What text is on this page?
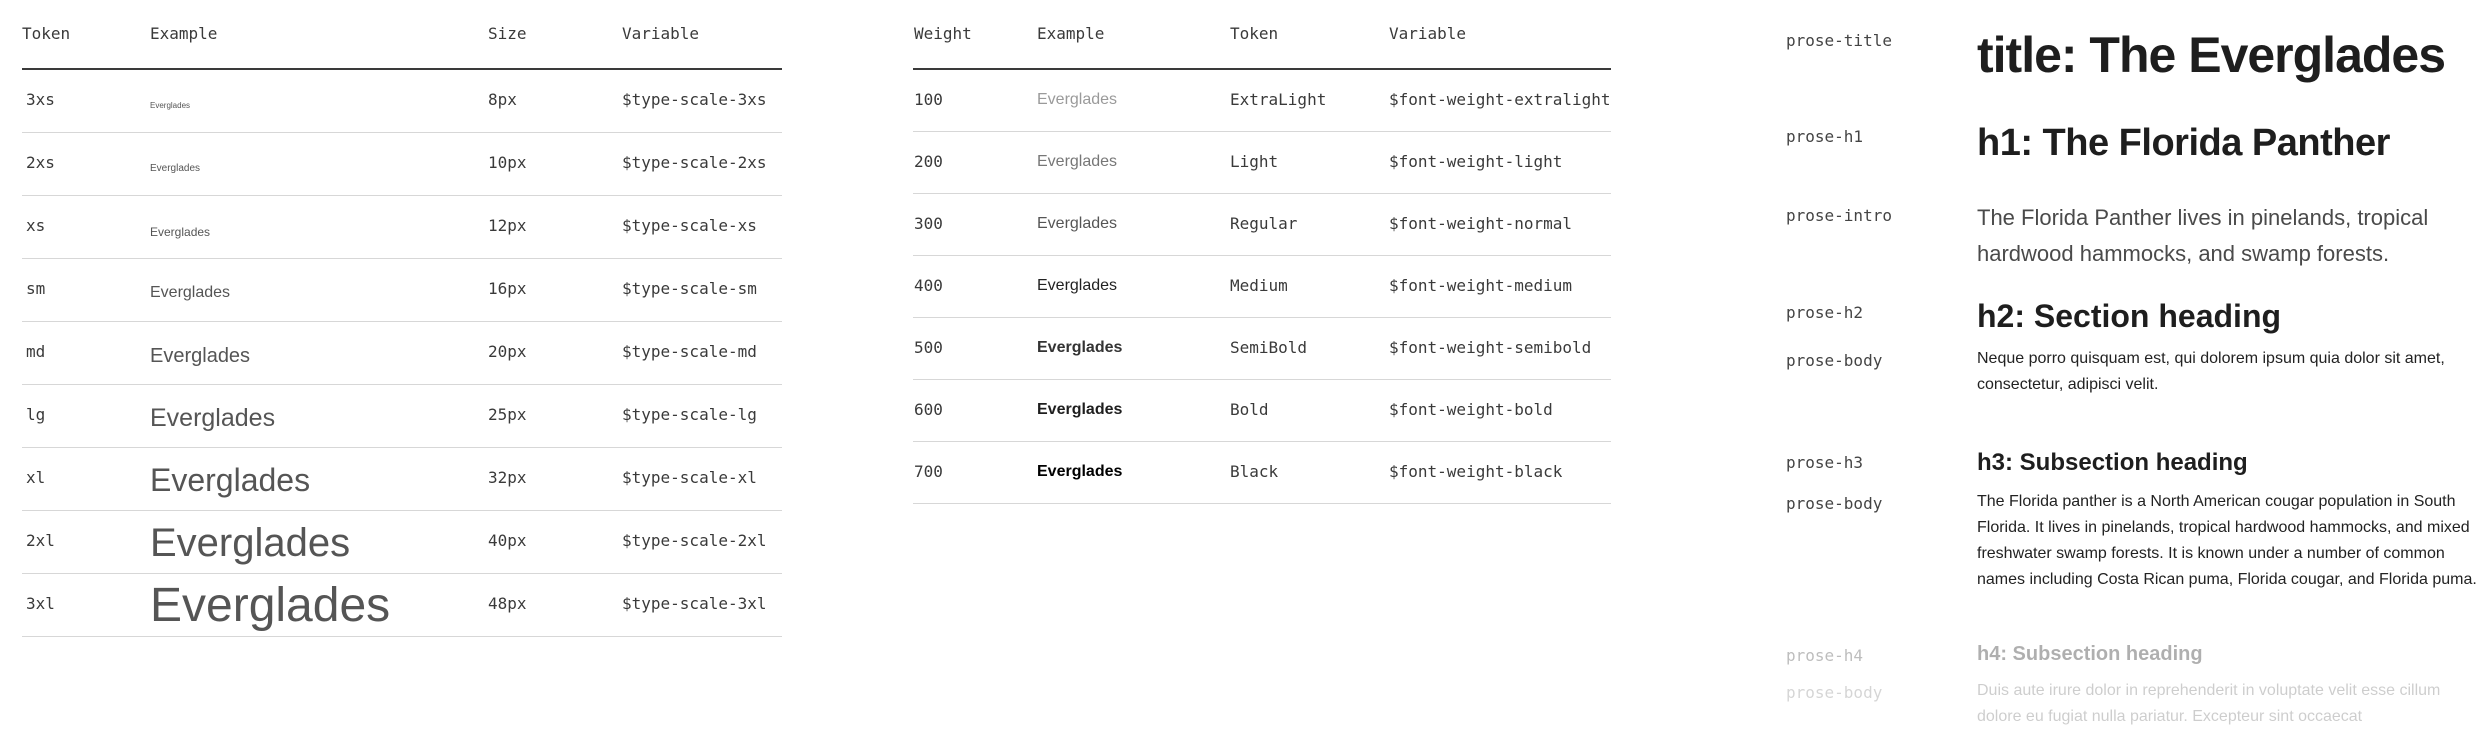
Token	Example	Size	Variable
3xs	Everglades	8px	$type-scale-3xs
2xs	Everglades	10px	$type-scale-2xs
xs	Everglades	12px	$type-scale-xs
sm	Everglades	16px	$type-scale-sm
md	Everglades	20px	$type-scale-md
lg	Everglades	25px	$type-scale-lg
xl	Everglades	32px	$type-scale-xl
2xl Everglades	40px	$type-scale-2xl
3xl Everglades	48px	$type-scale-3xl
Weight	Example	Token	Variable
100	Everglades	ExtraLight	$font-weight-extralight
200	Everglades	Light	$font-weight-light
300	Everglades	Regular	$font-weight-normal
400	Everglades	Medium	$font-weight-medium
500	Everglades	SemiBold	$font-weight-semibold
600	Everglades	Bold	$font-weight-bold
700	Everglades	Black	$font-weight-black
prose-title title: The Everglades
prose-h1	h1: The Florida Panther
prose-intro	The Florida Panther lives in pinelands, tropical hardwood hammocks, and swamp forests.
prose-h2	h2: Section heading
prose-body	Neque porro quisquam est, qui dolorem ipsum quia dolor sit amet,
consectetur, adipisci velit.
prose-h3	h3: Subsection heading
prose-body	The Florida panther is a North American cougar population in South Florida. It lives in pinelands, tropical hardwood hammocks, and mixed freshwater swamp forests. It is known under a number of common names including Costa Rican puma, Florida cougar, and Florida puma.
prose-h4	h4: Subsection heading
prose-body	Duis aute irure dolor in reprehenderit in voluptate velit esse cillum dolore eu fugiat nulla pariatur. Excepteur sint occaecat
